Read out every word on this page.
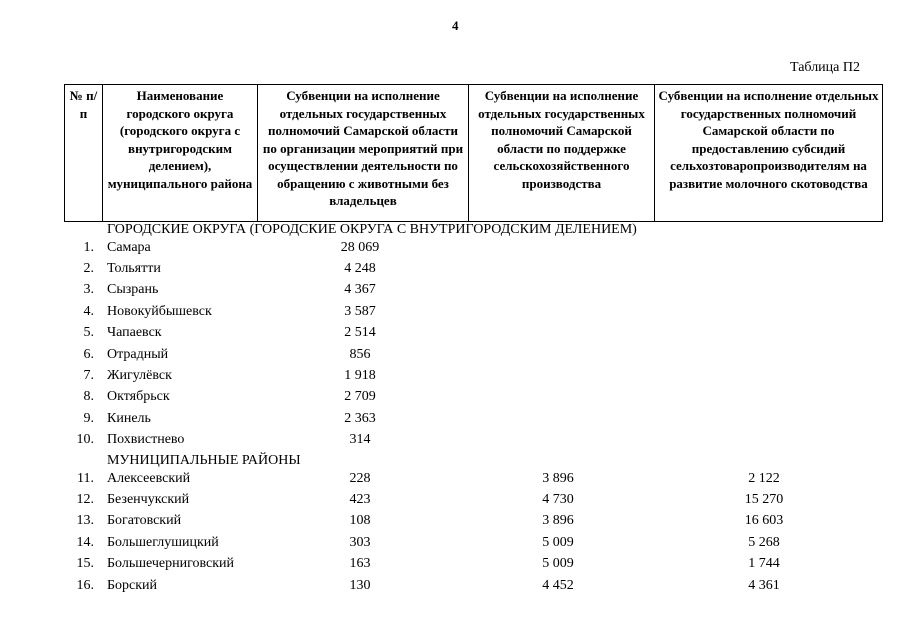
4
Таблица П2
№ п/п	Наименование городского округа (городского округа с внутригородским делением), муниципального района	Субвенции на исполнение отдельных государственных полномочий Самарской области по организации мероприятий при осуществлении деятельности по обращению с животными без владельцев	Субвенции на исполнение отдельных государственных полномочий Самарской области по поддержке сельскохозяйственного производства	Субвенции на исполнение отдельных государственных полномочий Самарской области по предоставлению субсидий сельхозтоваропроизводителям на развитие молочного скотоводства
ГОРОДСКИЕ ОКРУГА (ГОРОДСКИЕ ОКРУГА С ВНУТРИГОРОДСКИМ ДЕЛЕНИЕМ)
1. Самара	28 069
2. Тольятти	4 248
3. Сызрань	4 367
4. Новокуйбышевск	3 587
5. Чапаевск	2 514
6. Отрадный	856
7. Жигулёвск	1 918
8. Октябрьск	2 709
9. Кинель	2 363
10. Похвистнево	314
МУНИЦИПАЛЬНЫЕ РАЙОНЫ
11. Алексеевский	228	3 896	2 122
12. Безенчукский	423	4 730	15 270
13. Богатовский	108	3 896	16 603
14. Большеглушицкий	303	5 009	5 268
15. Большечерниговский	163	5 009	1 744
16. Борский	130	4 452	4 361
